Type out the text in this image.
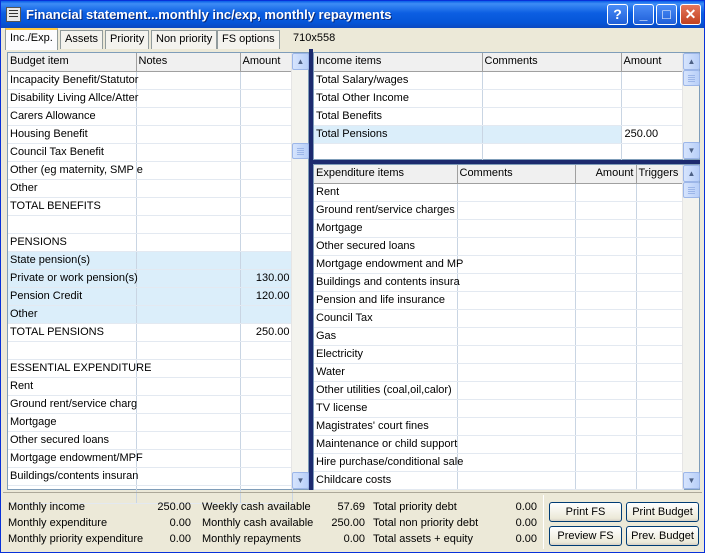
Financial statement...monthly inc/exp, monthly repayments	?	_	□ ✕
Inc./Exp.	Assets	Priority	Non priority FS options	710x558
Budget item	Notes	Amount
Incapacity Benefit/Statutor		
Disability Living Allce/Atter		
Carers Allowance		
Housing Benefit		
Council Tax Benefit		
Other (eg maternity, SMP e		
Other		
TOTAL BENEFITS		

PENSIONS		
State pension(s)		
Private or work pension(s)		130.00
Pension Credit		120.00
Other		
TOTAL PENSIONS		250.00

ESSENTIAL EXPENDITURE		
Rent		
Ground rent/service charg		
Mortgage		
Other secured loans		
Mortgage endowment/MPF		
Buildings/contents insuran		

▲
▼
Income items	Comments	Amount
Total Salary/wages		
Total Other Income		
Total Benefits		
Total Pensions		250.00

▲
▼
Expenditure items	Comments	Amount	Triggers
Rent			
Ground rent/service charges			
Mortgage			
Other secured loans			
Mortgage endowment and MP			
Buildings and contents insura			
Pension and life insurance			
Council Tax			
Gas			
Electricity			
Water			
Other utilities (coal,oil,calor)			
TV license			
Magistrates' court fines			
Maintenance or child support			
Hire purchase/conditional sale			
Childcare costs			
▲
▼
Monthly income	250.00
Monthly expenditure	0.00
Monthly priority expenditure	0.00
Weekly cash available	57.69
Monthly cash available	250.00
Monthly repayments	0.00
Total priority debt	0.00
Total non priority debt	0.00
Total assets + equity	0.00
Print FS	Print Budget
Preview FS	Prev. Budget
